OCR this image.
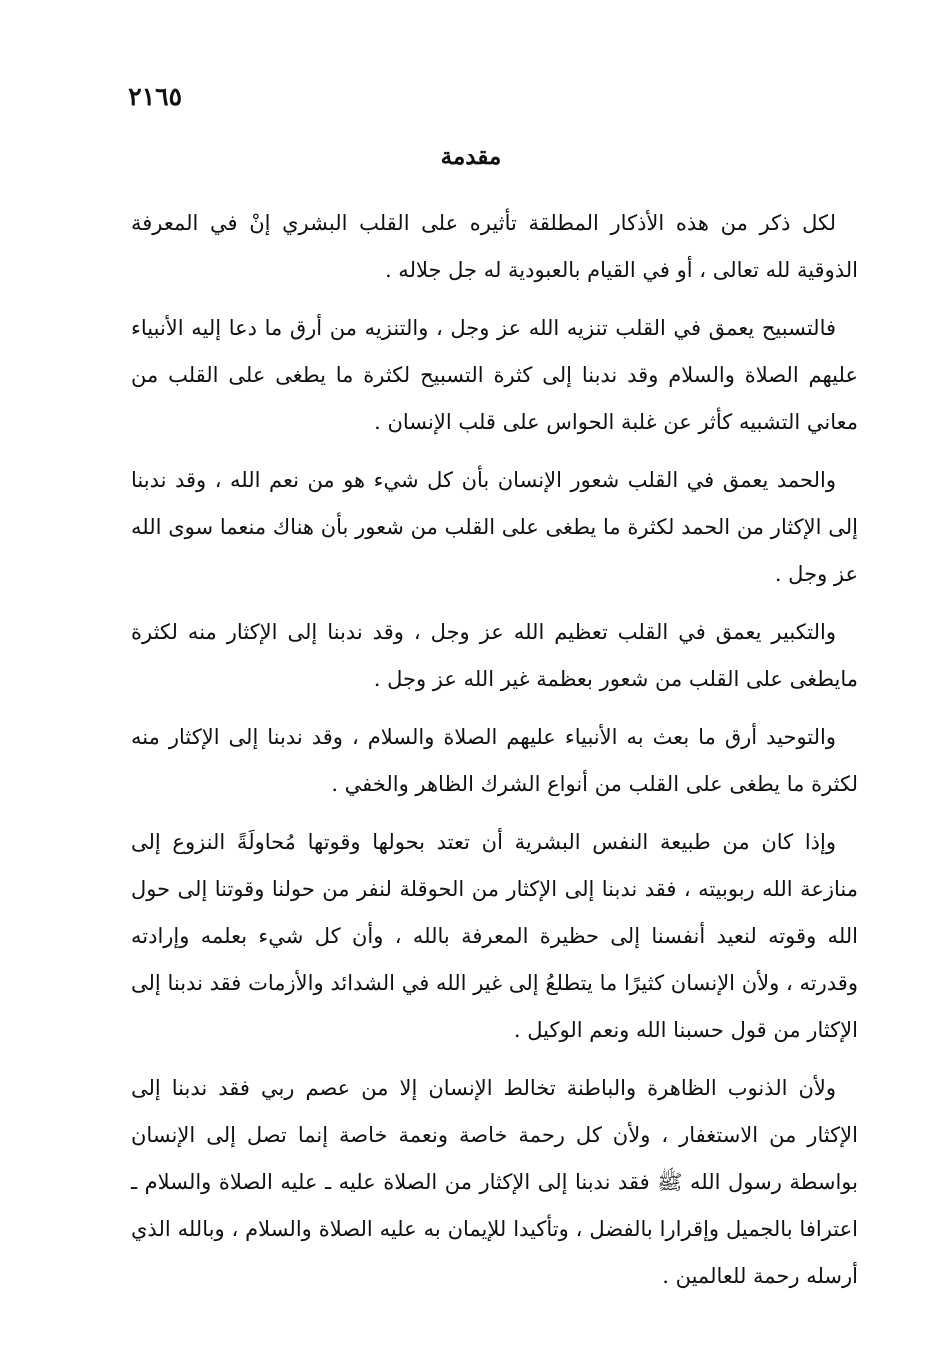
٢١٦٥
مقدمة

لكل ذكر من هذه الأذكار المطلقة تأثيره على القلب البشري إنْ في المعرفة الذوقية لله تعالى ، أو في القيام بالعبودية له جل جلاله .

فالتسبيح يعمق في القلب تنزيه الله عز وجل ، والتنزيه من أرق ما دعا إليه الأنبياء عليهم الصلاة والسلام وقد ندبنا إلى كثرة التسبيح لكثرة ما يطغى على القلب من معاني التشبيه كأثر عن غلبة الحواس على قلب الإنسان .

والحمد يعمق في القلب شعور الإنسان بأن كل شيء هو من نعم الله ، وقد ندبنا إلى الإكثار من الحمد لكثرة ما يطغى على القلب من شعور بأن هناك منعما سوى الله عز وجل .

والتكبير يعمق في القلب تعظيم الله عز وجل ، وقد ندبنا إلى الإكثار منه لكثرة مايطغى على القلب من شعور بعظمة غير الله عز وجل .

والتوحيد أرق ما بعث به الأنبياء عليهم الصلاة والسلام ، وقد ندبنا إلى الإكثار منه لكثرة ما يطغى على القلب من أنواع الشرك الظاهر والخفي .

وإذا كان من طبيعة النفس البشرية أن تعتد بحولها وقوتها مُحاولَةً النزوع إلى منازعة الله ربوبيته ، فقد ندبنا إلى الإكثار من الحوقلة لنفر من حولنا وقوتنا إلى حول الله وقوته لنعيد أنفسنا إلى حظيرة المعرفة بالله ، وأن كل شيء بعلمه وإرادته وقدرته ، ولأن الإنسان كثيرًا ما يتطلعُ إلى غير الله في الشدائد والأزمات فقد ندبنا إلى الإكثار من قول حسبنا الله ونعم الوكيل .

ولأن الذنوب الظاهرة والباطنة تخالط الإنسان إلا من عصم ربي فقد ندبنا إلى الإكثار من الاستغفار ، ولأن كل رحمة خاصة ونعمة خاصة إنما تصل إلى الإنسان بواسطة رسول الله ﷺ فقد ندبنا إلى الإكثار من الصلاة عليه ـ عليه الصلاة والسلام ـ اعترافا بالجميل وإقرارا بالفضل ، وتأكيدا للإيمان به عليه الصلاة والسلام ، وبالله الذي أرسله رحمة للعالمين .
